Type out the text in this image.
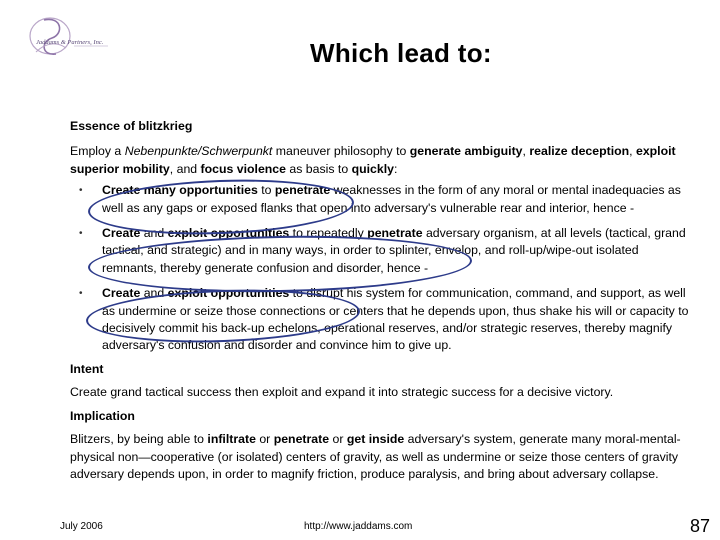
Jaddams & Partners, Inc.	Which lead to:

Essence of blitzkrieg

Employ a Nebenpunkte/Schwerpunkt maneuver philosophy to generate ambiguity, realize deception, exploit superior mobility, and focus violence as basis to quickly:

• Create many opportunities to penetrate weaknesses in the form of any moral or mental inadequacies as well as any gaps or exposed flanks that open into adversary's vulnerable rear and interior, hence -
• Create and exploit opportunities to repeatedly penetrate adversary organism, at all levels (tactical, grand tactical, and strategic) and in many ways, in order to splinter, envelop, and roll-up/wipe-out isolated remnants, thereby generate confusion and disorder, hence -
• Create and exploit opportunities to disrupt his system for communication, command, and support, as well as undermine or seize those connections or centers that he depends upon, thus shake his will or capacity to decisively commit his back-up echelons, operational reserves, and/or strategic reserves, thereby magnify adversary's confusion and disorder and convince him to give up.

Intent

Create grand tactical success then exploit and expand it into strategic success for a decisive victory.

Implication

Blitzers, by being able to infiltrate or penetrate or get inside adversary's system, generate many moral-mental-physical non—cooperative (or isolated) centers of gravity, as well as undermine or seize those centers of gravity adversary depends upon, in order to magnify friction, produce paralysis, and bring about adversary collapse.

July 2006	http://www.jaddams.com	87
